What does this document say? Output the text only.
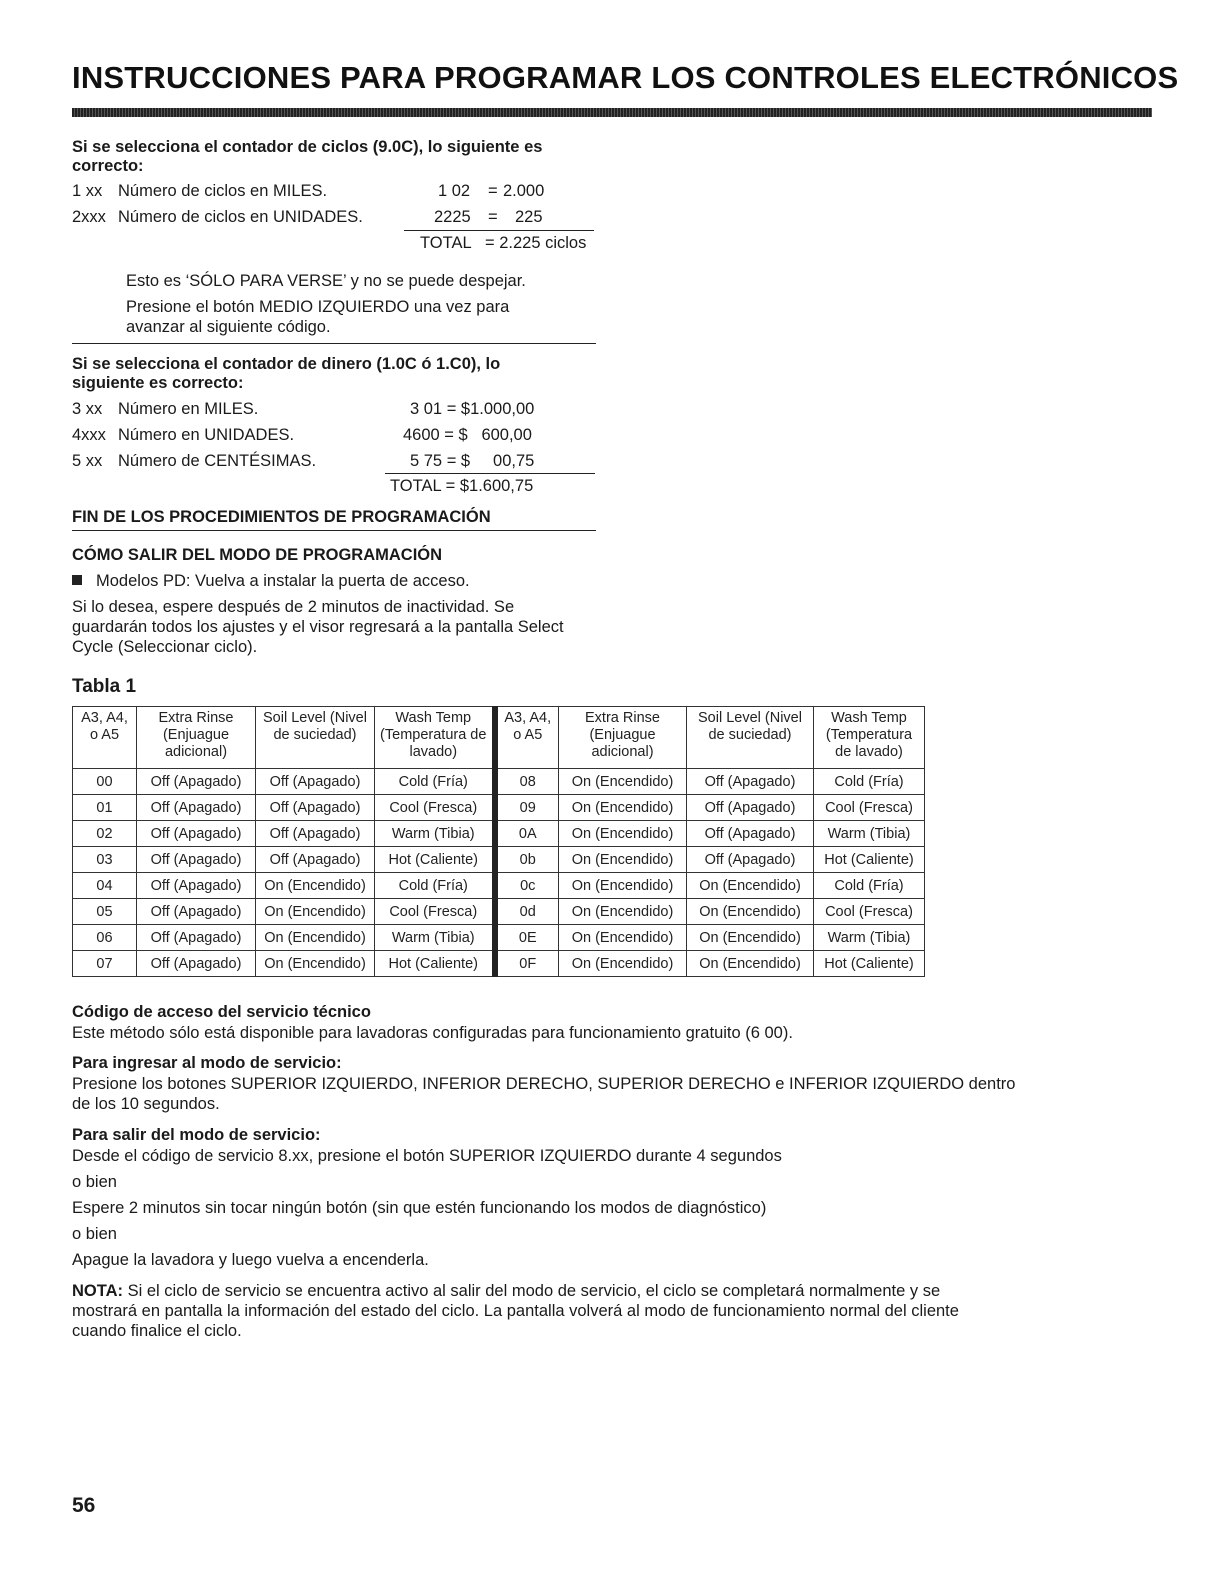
INSTRUCCIONES PARA PROGRAMAR LOS CONTROLES ELECTRÓNICOS
Si se selecciona el contador de ciclos (9.0C), lo siguiente es correcto:
1 xx Número de ciclos en MILES.	1 02 = 2.000
2xxx Número de ciclos en UNIDADES.	2225 = 225
TOTAL = 2.225 ciclos
Esto es ‘SÓLO PARA VERSE’ y no se puede despejar.
Presione el botón MEDIO IZQUIERDO una vez para avanzar al siguiente código.
Si se selecciona el contador de dinero (1.0C ó 1.C0), lo siguiente es correcto:
3 xx Número en MILES.	3 01 = $1.000,00
4xxx Número en UNIDADES.	4600 = $   600,00
5 xx Número de CENTÉSIMAS.	5 75 = $     00,75
TOTAL = $1.600,75
FIN DE LOS PROCEDIMIENTOS DE PROGRAMACIÓN
CÓMO SALIR DEL MODO DE PROGRAMACIÓN
Modelos PD: Vuelva a instalar la puerta de acceso.
Si lo desea, espere después de 2 minutos de inactividad. Se guardarán todos los ajustes y el visor regresará a la pantalla Select Cycle (Seleccionar ciclo).
Tabla 1
A3, A4, o A5	Extra Rinse (Enjuague adicional)	Soil Level (Nivel de suciedad)	Wash Temp (Temperatura de lavado)	A3, A4, o A5	Extra Rinse (Enjuague adicional)	Soil Level (Nivel de suciedad)	Wash Temp (Temperatura de lavado)
00	Off (Apagado)	Off (Apagado)	Cold (Fría)	08	On (Encendido)	Off (Apagado)	Cold (Fría)
01	Off (Apagado)	Off (Apagado)	Cool (Fresca)	09	On (Encendido)	Off (Apagado)	Cool (Fresca)
02	Off (Apagado)	Off (Apagado)	Warm (Tibia)	0A	On (Encendido)	Off (Apagado)	Warm (Tibia)
03	Off (Apagado)	Off (Apagado)	Hot (Caliente)	0b	On (Encendido)	Off (Apagado)	Hot (Caliente)
04	Off (Apagado)	On (Encendido)	Cold (Fría)	0c	On (Encendido)	On (Encendido)	Cold (Fría)
05	Off (Apagado)	On (Encendido)	Cool (Fresca)	0d	On (Encendido)	On (Encendido)	Cool (Fresca)
06	Off (Apagado)	On (Encendido)	Warm (Tibia)	0E	On (Encendido)	On (Encendido)	Warm (Tibia)
07	Off (Apagado)	On (Encendido)	Hot (Caliente)	0F	On (Encendido)	On (Encendido)	Hot (Caliente)
Código de acceso del servicio técnico
Este método sólo está disponible para lavadoras configuradas para funcionamiento gratuito (6 00).
Para ingresar al modo de servicio:
Presione los botones SUPERIOR IZQUIERDO, INFERIOR DERECHO, SUPERIOR DERECHO e INFERIOR IZQUIERDO dentro de los 10 segundos.
Para salir del modo de servicio:
Desde el código de servicio 8.xx, presione el botón SUPERIOR IZQUIERDO durante 4 segundos
o bien
Espere 2 minutos sin tocar ningún botón (sin que estén funcionando los modos de diagnóstico)
o bien
Apague la lavadora y luego vuelva a encenderla.
NOTA: Si el ciclo de servicio se encuentra activo al salir del modo de servicio, el ciclo se completará normalmente y se mostrará en pantalla la información del estado del ciclo. La pantalla volverá al modo de funcionamiento normal del cliente cuando finalice el ciclo.
56
